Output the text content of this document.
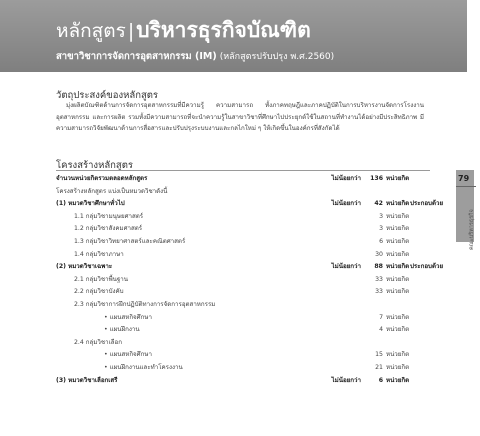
หลักสูตร |บริหารธุรกิจบัณฑิต
สาขาวิชาการจัดการอุตสาหกรรม (IM) (หลักสูตรปรับปรุง พ.ศ.2560)
วัตถุประสงค์ของหลักสูตร
มุ่งผลิตบัณฑิตด้านการจัดการอุตสาหกรรมที่มีความรู้ ความสามารถ ทั้งภาคทฤษฎีและภาคปฏิบัติในการบริหารงานจัดการโรงงานอุตสาหกรรม และการผลิต รวมทั้งมีความสามารถที่จะนำความรู้ในสาขาวิชาที่ศึกษาไปประยุกต์ใช้ในสถานที่ทำงานได้อย่างมีประสิทธิภาพ มีความสามารถวิจัยพัฒนาด้านการสื่อสารและปรับปรุงระบบงานและกลไกใหม่ ๆ ให้เกิดขึ้นในองค์กรที่สังกัดได้
โครงสร้างหลักสูตร
จำนวนหน่วยกิตรวมตลอดหลักสูตร	ไม่น้อยกว่า	136 หน่วยกิต
โครงสร้างหลักสูตร แบ่งเป็นหมวดวิชาดังนี้
(1) หมวดวิชาศึกษาทั่วไป	ไม่น้อยกว่า	42 หน่วยกิต ประกอบด้วย
1.1 กลุ่มวิชามนุษยศาสตร์	3 หน่วยกิต
1.2 กลุ่มวิชาสังคมศาสตร์	3 หน่วยกิต
1.3 กลุ่มวิชาวิทยาศาสตร์และคณิตศาสตร์	6 หน่วยกิต
1.4 กลุ่มวิชาภาษา	30 หน่วยกิต
(2) หมวดวิชาเฉพาะ	ไม่น้อยกว่า	88 หน่วยกิต ประกอบด้วย
2.1 กลุ่มวิชาพื้นฐาน	33 หน่วยกิต
2.2 กลุ่มวิชาบังคับ	33 หน่วยกิต
2.3 กลุ่มวิชาการฝึกปฏิบัติทางการจัดการอุตสาหกรรม
• แผนสหกิจศึกษา	7 หน่วยกิต
• แผนฝึกงาน	4 หน่วยกิต
2.4 กลุ่มวิชาเลือก
• แผนสหกิจศึกษา	15 หน่วยกิต
• แผนฝึกงานและทำโครงงาน	21 หน่วยกิต
(3) หมวดวิชาเลือกเสรี	ไม่น้อยกว่า	6 หน่วยกิต
79
คณะบริหารธุรกิจ
